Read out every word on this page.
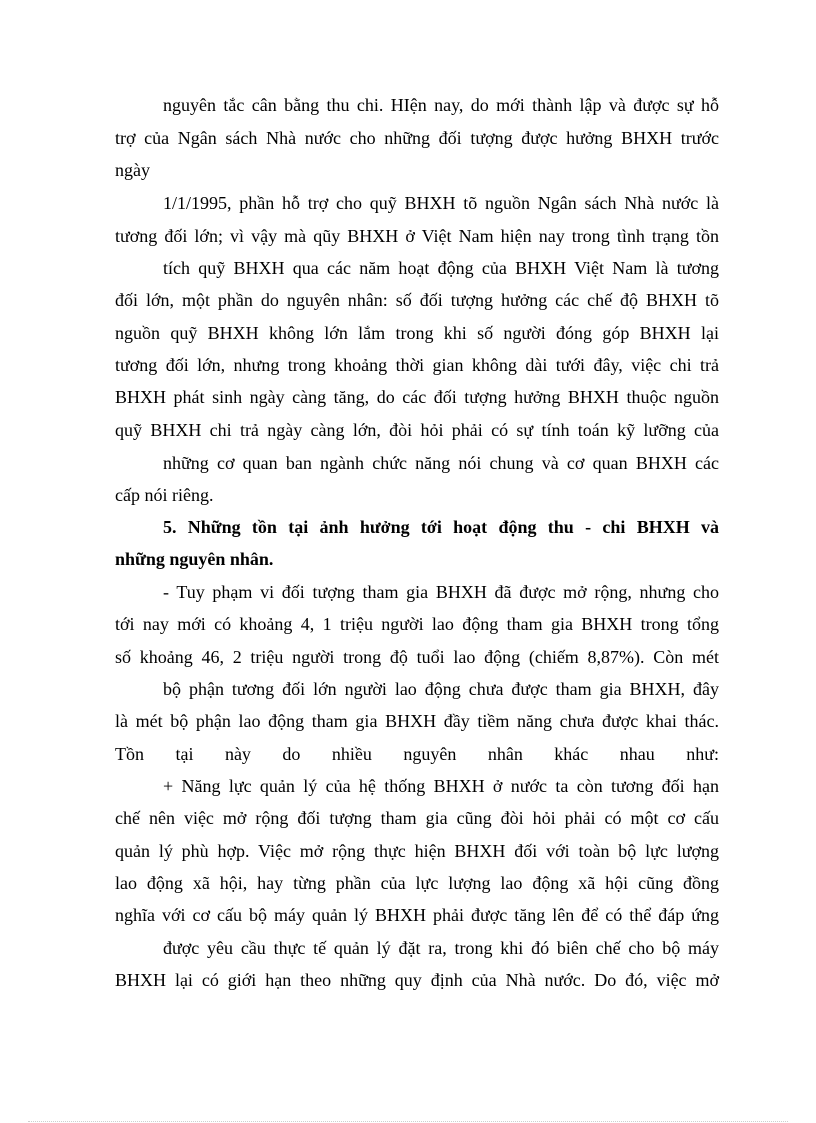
nguyên tắc cân bằng thu chi. HIện nay, do mới thành lập và được sự hỗ
trợ của Ngân sách Nhà nước cho những đối tượng được hưởng BHXH trước
ngày
1/1/1995, phần hỗ trợ cho quỹ BHXH tõ nguồn Ngân sách Nhà nước là
tương đối lớn; vì vậy mà qũy BHXH ở Việt Nam hiện nay trong tình trạng tồn
tích quỹ BHXH qua các năm hoạt động của BHXH Việt Nam là tương
đối lớn, một phần do nguyên nhân: số đối tượng hưởng các chế độ BHXH tõ
nguồn quỹ BHXH không lớn lắm trong khi số người đóng góp BHXH lại
tương đối lớn, nhưng trong khoảng thời gian không dài tưới đây, việc chi trả
BHXH phát sinh ngày càng tăng, do các đối tượng hưởng BHXH thuộc nguồn
quỹ BHXH chi trả ngày càng lớn, đòi hỏi phải có sự tính toán kỹ lưỡng của
những cơ quan ban ngành chức năng nói chung và cơ quan BHXH các
cấp nói riêng.
5. Những tồn tại ảnh hưởng tới hoạt động thu - chi BHXH và
những nguyên nhân.
- Tuy phạm vi đối tượng tham gia BHXH đã được mở rộng, nhưng cho
tới nay mới có khoảng 4, 1 triệu người lao động tham gia BHXH trong tổng
số khoảng 46, 2 triệu người trong độ tuổi lao động (chiếm 8,87%). Còn mét
bộ phận tương đối lớn người lao động chưa được tham gia BHXH, đây
là mét bộ phận lao động tham gia BHXH đầy tiềm năng chưa được khai thác.
Tồn tại này do nhiều nguyên nhân khác nhau như:
+ Năng lực quản lý của hệ thống BHXH ở nước ta còn tương đối hạn
chế nên việc mở rộng đối tượng tham gia cũng đòi hỏi phải có một cơ cấu
quản lý phù hợp. Việc mở rộng thực hiện BHXH đối với toàn bộ lực lượng
lao động xã hội, hay từng phần của lực lượng lao động xã hội cũng đồng
nghĩa với cơ cấu bộ máy quản lý BHXH phải được tăng lên để có thể đáp ứng
được yêu cầu thực tế quản lý đặt ra, trong khi đó biên chế cho bộ máy
BHXH lại có giới hạn theo những quy định của Nhà nước. Do đó, việc mở
